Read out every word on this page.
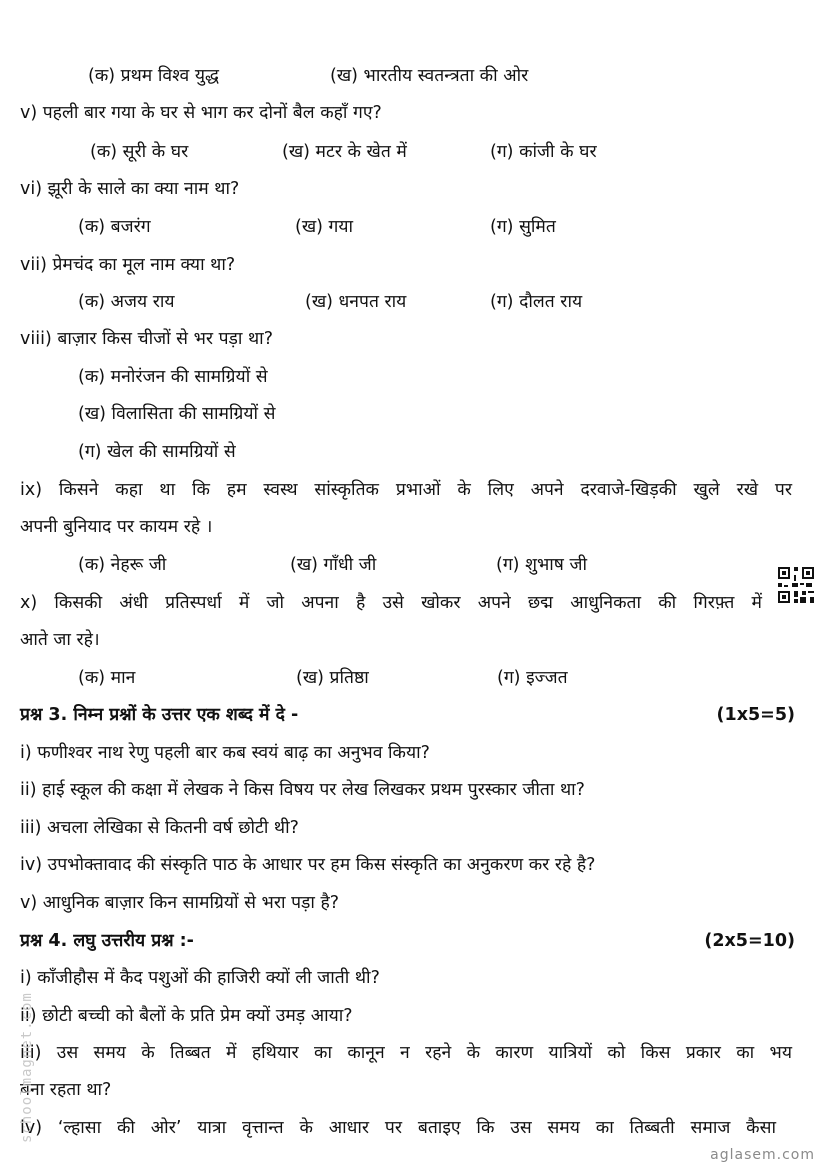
(क) प्रथम विश्व युद्ध	(ख) भारतीय स्वतन्त्रता की ओर
v) पहली बार गया के घर से भाग कर दोनों बैल कहाँ गए?
(क) सूरी के घर	(ख) मटर के खेत में	(ग) कांजी के घर
vi) झूरी के साले का क्या नाम था?
(क) बजरंग	(ख) गया	(ग) सुमित
vii) प्रेमचंद का मूल नाम क्या था?
(क) अजय राय	(ख) धनपत राय	(ग) दौलत राय
viii) बाज़ार किस चीजों से भर पड़ा था?
(क) मनोरंजन की सामग्रियों से
(ख) विलासिता की सामग्रियों से
(ग) खेल की सामग्रियों से
ix) किसने कहा था कि हम स्वस्थ सांस्कृतिक प्रभाओं के लिए अपने दरवाजे-खिड़की खुले रखे पर
अपनी बुनियाद पर कायम रहे ।
(क) नेहरू जी	(ख) गाँधी जी	(ग) शुभाष जी
x) किसकी अंधी प्रतिस्पर्धा में जो अपना है उसे खोकर अपने छद्म आधुनिकता की गिरफ़्त में
आते जा रहे।
(क) मान	(ख) प्रतिष्ठा	(ग) इज्जत
प्रश्न 3. निम्न प्रश्नों के उत्तर एक शब्द में दे -	(1x5=5)
i) फणीश्वर नाथ रेणु पहली बार कब स्वयं बाढ़ का अनुभव किया?
ii) हाई स्कूल की कक्षा में लेखक ने किस विषय पर लेख लिखकर प्रथम पुरस्कार जीता था?
iii) अचला लेखिका से कितनी वर्ष छोटी थी?
iv) उपभोक्तावाद की संस्कृति पाठ के आधार पर हम किस संस्कृति का अनुकरण कर रहे है?
v) आधुनिक बाज़ार किन सामग्रियों से भरा पड़ा है?
प्रश्न 4. लघु उत्तरीय प्रश्न :-	(2x5=10)
i) काँजीहौस में कैद पशुओं की हाजिरी क्यों ली जाती थी?
ii) छोटी बच्ची को बैलों के प्रति प्रेम क्यों उमड़ आया?
iii) उस समय के तिब्बत में हथियार का कानून न रहने के कारण यात्रियों को किस प्रकार का भय
बना रहता था?
iv) ‘ल्हासा की ओर’ यात्रा वृत्तान्त के आधार पर बताइए कि उस समय का तिब्बती समाज कैसा
schoolmagnet.com
aglasem.com
